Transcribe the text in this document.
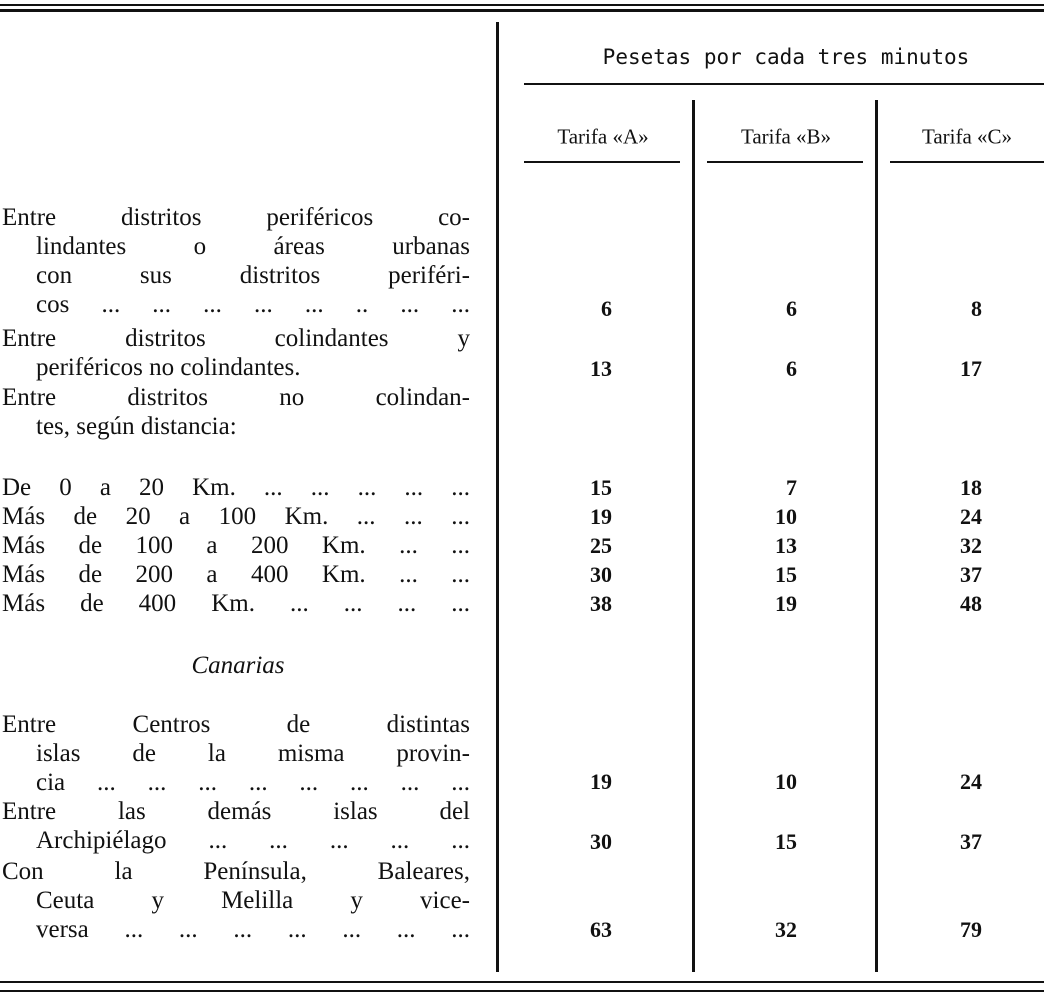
Pesetas por cada tres minutos
Tarifa «A»	Tarifa «B»	Tarifa «C»
Canarias
Entre distritos periféricos co-
lindantes o áreas urbanas
con sus distritos periféri-
cos ... ... ... ... ... .. ... ...	6	6	8
Entre distritos colindantes y
periféricos no colindantes.	13	6	17
Entre distritos no colindan-
tes, según distancia:
De 0 a 20 Km. ... ... ... ... ...	15	7	18
Más de 20 a 100 Km. ... ... ...	19	10	24
Más de 100 a 200 Km. ... ...	25	13	32
Más de 200 a 400 Km. ... ...	30	15	37
Más de 400 Km. ... ... ... ...	38	19	48
Entre Centros de distintas
islas de la misma provin-
cia ... ... ... ... ... ... ... ...	19	10	24
Entre las demás islas del
Archipiélago ... ... ... ... ...	30	15	37
Con la Península, Baleares,
Ceuta y Melilla y vice-
versa ... ... ... ... ... ... ...	63	32	79
